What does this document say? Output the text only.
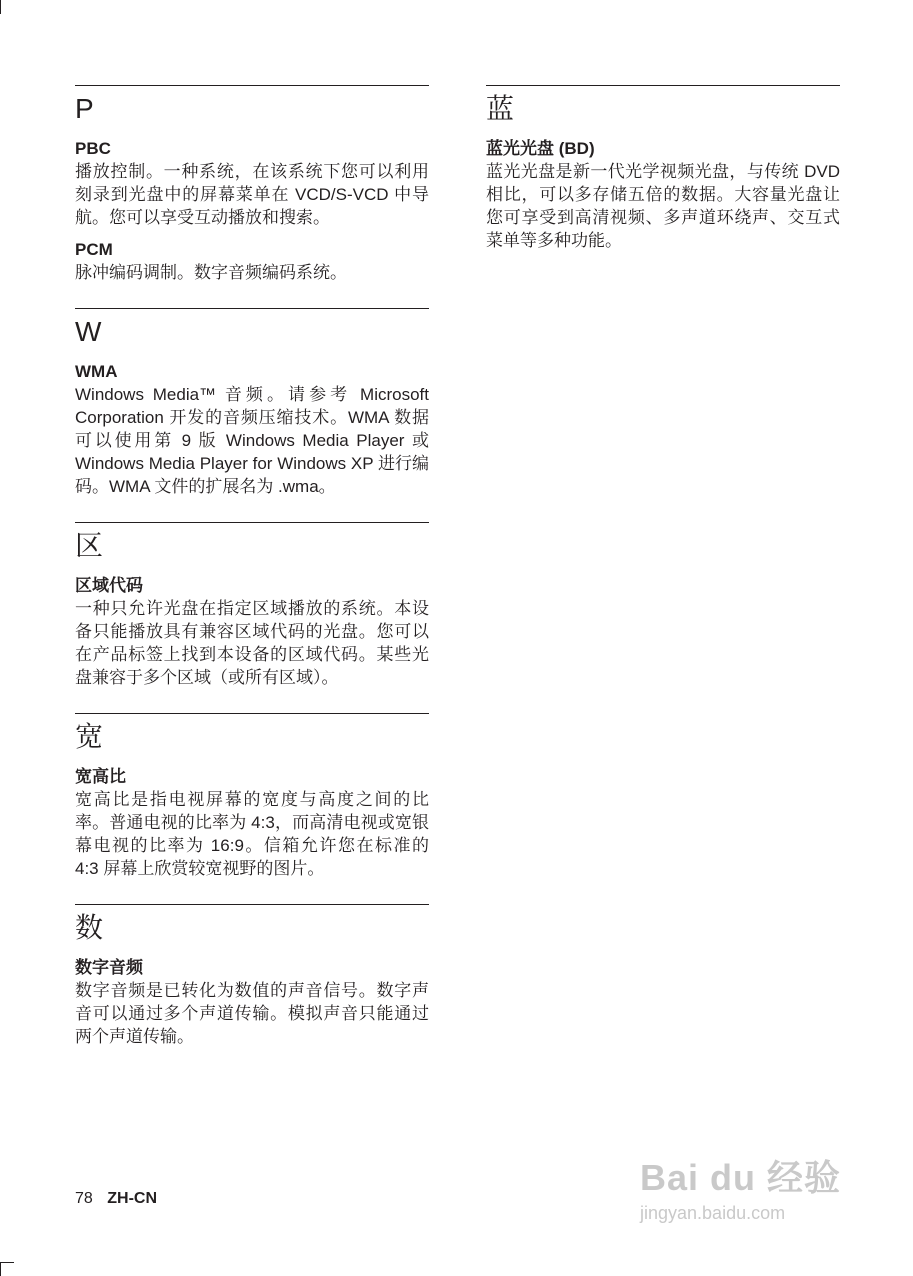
P
PBC
播放控制。一种系统，在该系统下您可以利用刻录到光盘中的屏幕菜单在 VCD/S-VCD 中导航。您可以享受互动播放和搜索。
PCM
脉冲编码调制。数字音频编码系统。
W
WMA
Windows Media™ 音频。请参考 Microsoft Corporation 开发的音频压缩技术。WMA 数据可以使用第 9 版 Windows Media Player 或 Windows Media Player for Windows XP 进行编码。WMA 文件的扩展名为 .wma。
区
区域代码
一种只允许光盘在指定区域播放的系统。本设备只能播放具有兼容区域代码的光盘。您可以在产品标签上找到本设备的区域代码。某些光盘兼容于多个区域（或所有区域）。
宽
宽高比
宽高比是指电视屏幕的宽度与高度之间的比率。普通电视的比率为 4:3，而高清电视或宽银幕电视的比率为 16:9。信箱允许您在标准的 4:3 屏幕上欣赏较宽视野的图片。
数
数字音频
数字音频是已转化为数值的声音信号。数字声音可以通过多个声道传输。模拟声音只能通过两个声道传输。
蓝
蓝光光盘 (BD)
蓝光光盘是新一代光学视频光盘，与传统 DVD 相比，可以多存储五倍的数据。大容量光盘让您可享受到高清视频、多声道环绕声、交互式菜单等多种功能。
78 ZH-CN
Bai du 经验
jingyan.baidu.com
